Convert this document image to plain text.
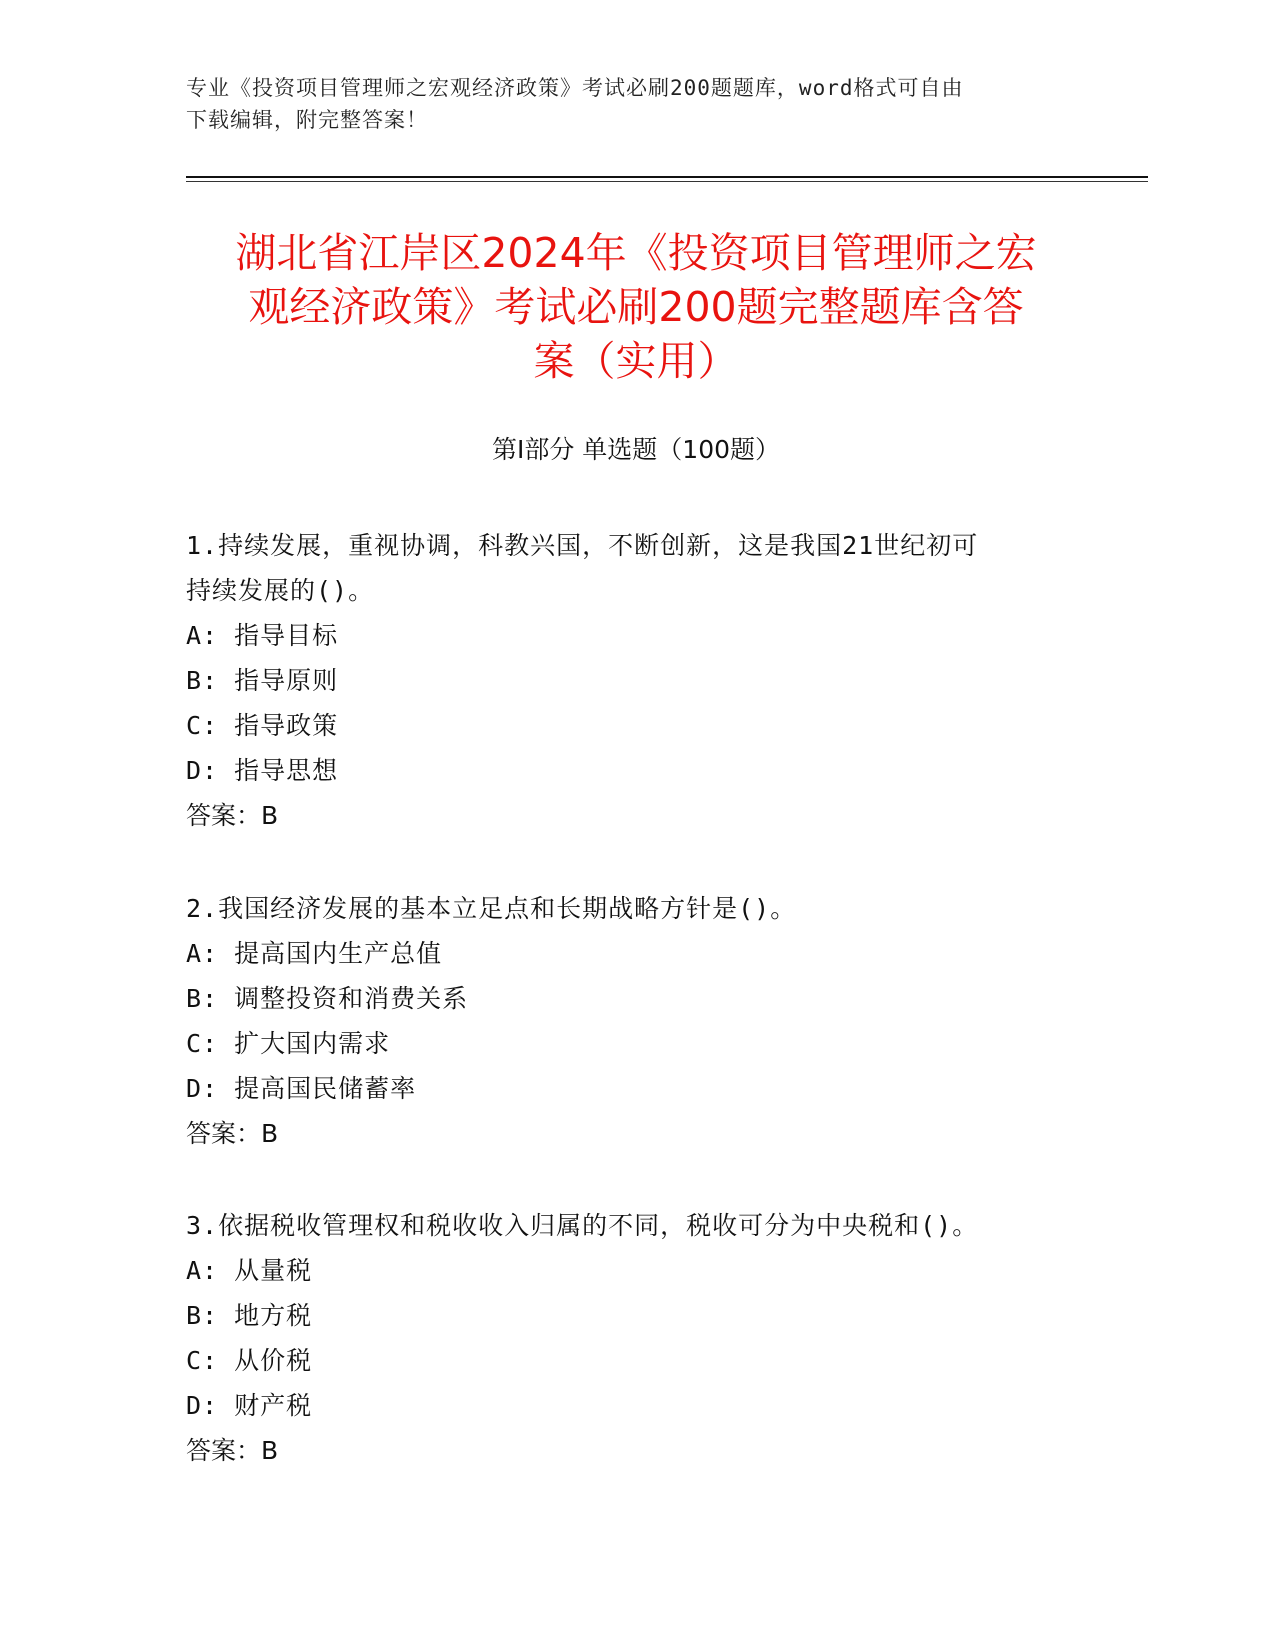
专业《投资项目管理师之宏观经济政策》考试必刷200题题库，word格式可自由
下载编辑，附完整答案！
湖北省江岸区2024年《投资项目管理师之宏
观经济政策》考试必刷200题完整题库含答
案（实用）
第Ⅰ部分 单选题（100题）
1.持续发展，重视协调，科教兴国，不断创新，这是我国21世纪初可
持续发展的()。
A: 指导目标
B: 指导原则
C: 指导政策
D: 指导思想
答案：B
2.我国经济发展的基本立足点和长期战略方针是()。
A: 提高国内生产总值
B: 调整投资和消费关系
C: 扩大国内需求
D: 提高国民储蓄率
答案：B
3.依据税收管理权和税收收入归属的不同，税收可分为中央税和()。
A: 从量税
B: 地方税
C: 从价税
D: 财产税
答案：B
